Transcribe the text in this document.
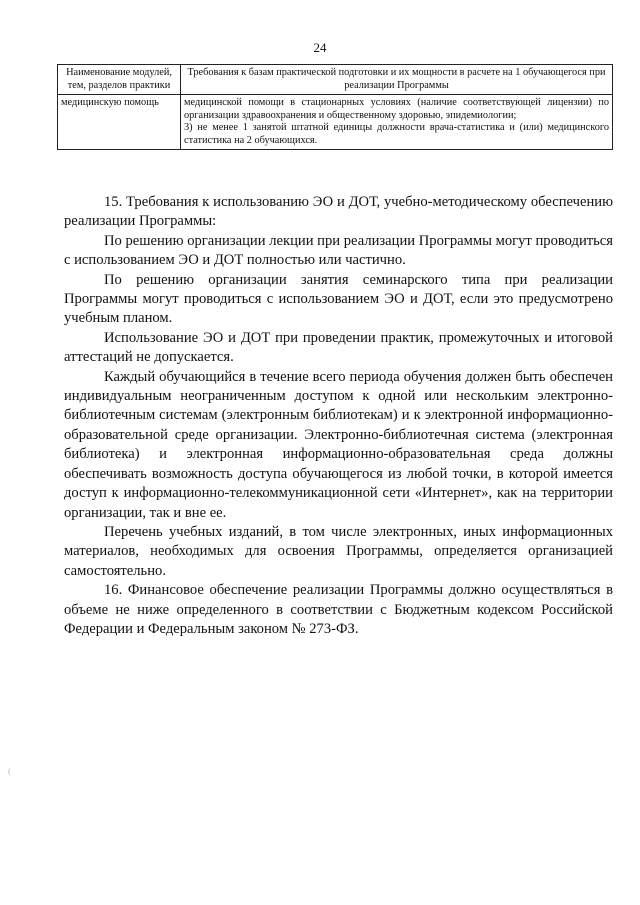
24
Наименование модулей, тем, разделов практики	Требования к базам практической подготовки и их мощности в расчете на 1 обучающегося при реализации Программы
медицинскую помощь	медицинской помощи в стационарных условиях (наличие соответствующей лицензии) по организации здравоохранения и общественному здоровью, эпидемиологии;
3) не менее 1 занятой штатной единицы должности врача-статистика и (или) медицинского статистика на 2 обучающихся.

15. Требования к использованию ЭО и ДОТ, учебно-методическому обеспечению реализации Программы:

По решению организации лекции при реализации Программы могут проводиться с использованием ЭО и ДОТ полностью или частично.

По решению организации занятия семинарского типа при реализации Программы могут проводиться с использованием ЭО и ДОТ, если это предусмотрено учебным планом.

Использование ЭО и ДОТ при проведении практик, промежуточных и итоговой аттестаций не допускается.

Каждый обучающийся в течение всего периода обучения должен быть обеспечен индивидуальным неограниченным доступом к одной или нескольким электронно-библиотечным системам (электронным библиотекам) и к электронной информационно-образовательной среде организации. Электронно-библиотечная система (электронная библиотека) и электронная информационно-образовательная среда должны обеспечивать возможность доступа обучающегося из любой точки, в которой имеется доступ к информационно-телекоммуникационной сети «Интернет», как на территории организации, так и вне ее.

Перечень учебных изданий, в том числе электронных, иных информационных материалов, необходимых для освоения Программы, определяется организацией самостоятельно.

16. Финансовое обеспечение реализации Программы должно осуществляться в объеме не ниже определенного в соответствии с Бюджетным кодексом Российской Федерации и Федеральным законом № 273-ФЗ.

(
